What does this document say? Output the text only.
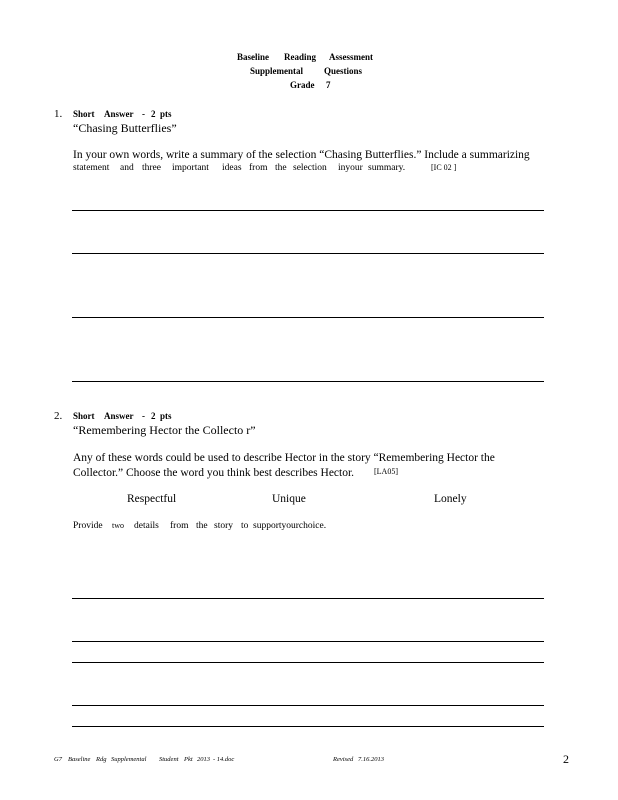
Baseline Reading Assessment
Supplemental Questions
Grade 7
1. Short Answer - 2 pts
“Chasing Butterflies”
In your own words, write a summary of the selection “Chasing Butterflies.” Include a summarizing
statement and three important ideas from the selection inyour summary.	[IC 02 ]
2. Short Answer - 2 pts
“Remembering Hector the Collecto r”
Any of these words could be used to describe Hector in the story “Remembering Hector the
Collector.” Choose the word you think best describes Hector. [LA05]
Respectful	Unique	Lonely
Provide two details from the story to supportyourchoice.
G7 Baseline Rdg Supplemental Student Pkt 2013 - 14.doc	Revised 7.16.2013	2
